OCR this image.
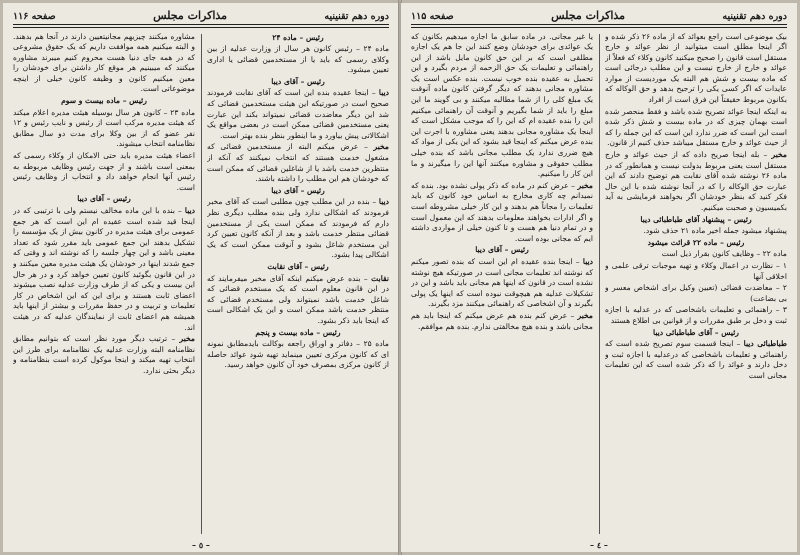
دوره دهم تقنینیه
مذاکرات مجلس
صفحه ۱۱۶

رئیس – ماده ۲۴

ماده ۲۴ – رئیس کانون هر سال از وزارت عدلیه از بین وکلای رسمی که باید یا از مستخدمین قضائی یا اداری تعیین میشود.

رئیس – آقای دیبا

دیبا – اینجا عقیده بنده این است که آقای نقابت فرمودند صحیح است در صورتیکه این هیئت مستخدمین قضائی که شد این دیگر معاضدت قضائی نمیتواند بکند این عبارت یعنی مستخدمین قضائی ممکن است در بعضی مواقع یک اشکالاتی پیش بیاورد و ما اینطور بنظر بنده بهتر است.

مخبر – عرض میکنم البته از مستخدمین قضائی که مشغول خدمت هستند که انتخاب نمیکنند که آنکه از منتظرین خدمت باشد یا از شاغلین قضائی که ممکن است که خودشان هم این مطلب را داشته باشند.

رئیس – آقای دیبا

دیبا – بنده در این مطلب چون مطلبی است که آقای مخبر فرمودند که اشکالی ندارد ولی بنده مطلب دیگری نظر دارم که فرمودند که ممکن است یکی از مستخدمین قضائی منتظر خدمت باشد و بعد از آنکه کانون تعیین کرد این مستخدم شاغل بشود و آنوقت ممکن است که یک اشکالی پیدا بشود.

رئیس – آقای نقابت

نقابت – بنده عرض میکنم اینکه آقای مخبر میفرمایند که در این قانون معلوم است که یک مستخدم قضائی که شاغل خدمت باشد نمیتواند ولی مستخدم قضائی که منتظر خدمت باشد ممکن است و این یک اشکالی است که اینجا باید ذکر بشود.

رئیس – ماده بیست و پنجم

ماده ۲۵ – دفاتر و اوراق راجعه بوکالت بایدمطابق نمونه ای که کانون مرکزی تعیین مینماید تهیه شود عوائد حاصله از کانون مرکزی بمصرف خود آن کانون خواهد رسید.

مشاوره میکنند چیزیهم مجانیتعیین دارند در آنجا هم بدهند. و البته میکنیم همه موافقت داریم که یک حقوق مشروعی که در همه جای دنیا هست محروم کنیم میبرند مشاوره میکنند که میبینیم هر موقع کار داشتن برای خودشان را معین میکنیم کانون و وظیفه کانون خیلی از اینچه موضوعاتی است.

رئیس – ماده بیست و سوم

ماده ۲۳ – کانون هر سال بوسیله هیئت مدیره اعلام میکند که هیئت مدیره مرکب است از رئیس و نایب رئیس و ۱۲ نفر عضو که از بین وکلا برای مدت دو سال مطابق نظامنامه انتخاب میشوند.

اعضاء هیئت مدیره باید حتی الامکان از وکلاء رسمی که بمعنی است باشند و از جهت رئیس وظایف مربوطه به رئیس آنها انجام خواهد داد و انتخاب از وظایف رئیس است.

رئیس – آقای دیبا

دیبا – بنده با این ماده مخالف نیستم ولی با ترتیبی که در اینجا قید شده است عقیده ام این است که هر جمع عمومی برای هیئت مدیره در کانون بیش از یک مؤسسه را تشکیل بدهند این جمع عمومی باید مقرر شود که تعداد معینی باشد و این چهار جلسه را که نوشته اند و وقتی که جمع شدند اینها در خودشان یک هیئت مدیره معین میکنند و در این قانون بگوئید کانون تعیین خواهد کرد و در هر حال این بیست و یکی که از طرف وزارت عدلیه نصب میشوند اعضای ثابت هستند و برای این که این اشخاص در کار تعلیمات و تربیت و در حفظ مقررات و بیشتر از اینها باید همیشه هم اعضای ثابت از نمایندگان عدلیه که در هیئت اند.

مخبر – ترتیب دیگر مورد نظر است که بتوانیم مطابق نظامنامه البته وزارت عدلیه یک نظامنامه برای طرز این انتخاب تهیه میکند و اینجا موکول کرده است بنظامنامه و دیگر بحثی ندارد.

– ٥ –
دوره دهم تقنینیه
مذاکرات مجلس
صفحه ۱۱۵

بیک موضوعی است راجع بعوائد که از ماده ۲۶ ذکر شده و اگر اینجا مطلق است میتوانید از نظر عوائد و خارج مستقل است قانون را صحیح میکنید کانون وکلاء که فعلاً از عوائد و خارج از خارج نیست و این مطلب درجائی است که ماده بیست و شش هم البته یک موردیست از موارد عایدات که اگر کسی یکی را ترجیح بدهد و حق الوکاله که بکانون مربوط حقیقتاً این فرق است از افراد

به اینکه اینجا عوائد تصریح شده باشد و فقط منحصر شده است بهمان چیزی که در ماده بیست و شش ذکر شده است این است که ضرر ندارد این است که این جمله را که از حیث عوائد و خارج مستقل میباشد حذف کنیم از قانون.

مخبر – بله اینجا صریح داده که از حیث عوائد و خارج مستقل است یعنی مربوط بدولت نیست و همانطور که در ماده ۲۶ نوشته شده آقای نقابت هم توضیح دادند که این عبارت حق الوکاله را که در آنجا نوشته شده با این حال فکر کنید که بنظر خودشان اگر بخواهند فرمایشی به آید بکمیسیون و صحبت میکنیم.

رئیس – پیشنهاد آقای طباطبائی دیبا

پیشنهاد میشود جمله اخیر ماده ۲۱ حذف شود.

رئیس – ماده ۲۲ قرائت میشود

ماده ۲۲ – وظایف کانون بقرار ذیل است

۱ – نظارت در اعمال وکلاء و تهیه موجبات ترقی علمی و اخلاقی آنها

۲ – معاضدت قضائی (تعیین وکیل برای اشخاص معسر و بی بضاعت)

۳ – راهنمائی و تعلیمات باشخاصی که در عدلیه با اجازه ثبت و دخل بر طبق مقررات و از قوانین بی اطلاع هستند

رئیس – آقای طباطبائی دیبا

طباطبائی دیبا – اینجا قسمت سوم تصریح شده است که راهنمائی و تعلیمات باشخاصی که درعدلیه با اجازه ثبت و دخل دارند و عوائد را که ذکر شده است که این تعلیمات مجانی است

یا غیر مجانی. در ماده سابق ما اجازه میدهیم بکانون که یک عوائدی برای خودشان وضع کنند این جا هم یک اجازه مطلقی است که بر این حق کانون مایل باشد از این راهنمائی و تعلیمات یک حق الزحمه از مردم بگیرد و این تحمیل به عقیده بنده خوب نیست. بنده عکس است یک مشاوره مجانی بدهند که دیگر گرفتن کانون ماده آنوقت یک مبلغ کلی را از شما مطالبه میکنند و بی گویند ما این مبلغ را باید از شما بگیریم و آنوقت آن راهنمائی میکنیم این را بنده عقیده ام که این را که موجب مشکل است که اینجا یک مشاوره مجانی بدهند یعنی مشاوره با اجرت این بنده عرض میکنم که اینجا قید بشود که این یکی از مواد که هیچ ضرری ندارد یک مطلب مجانی باشد که بنده خیلی مطلب حقوقی و مشاوره میکنند آنها این را میگیرند و ما این کار را میکنیم.

مخبر – عرض کنم در ماده که ذکر پولی نشده بود. بنده که نمیدانم چه کاری مخارج به اساس خود کانون که باید تعلیمات را مجاناً هم بدهند و این کار خیلی مشروطه است و اگر ادارات بخواهند معلومات بدهند که این معمول است و در تمام دنیا هم هست و تا کنون خیلی از مواردی داشته ایم که مجانی بوده است.

رئیس – آقای دیبا

دیبا – اینجا بنده عقیده ام این است که بنده تصور میکنم که نوشته اند تعلیمات مجانی است در صورتیکه هیچ نوشته نشده است در قانون که اینها هم مجانی باید باشد و این در تشکیلات عدلیه هم هیچوقت نبوده است که اینها یک پولی بگیرند و آن اشخاصی که راهنمائی میکنند مزد بگیرند.

مخبر – عرض کنم بنده هم عرض میکنم که اینجا باید هم مجانی باشد و بنده هیچ مخالفتی ندارم. بنده هم موافقم.

– ٤ –
